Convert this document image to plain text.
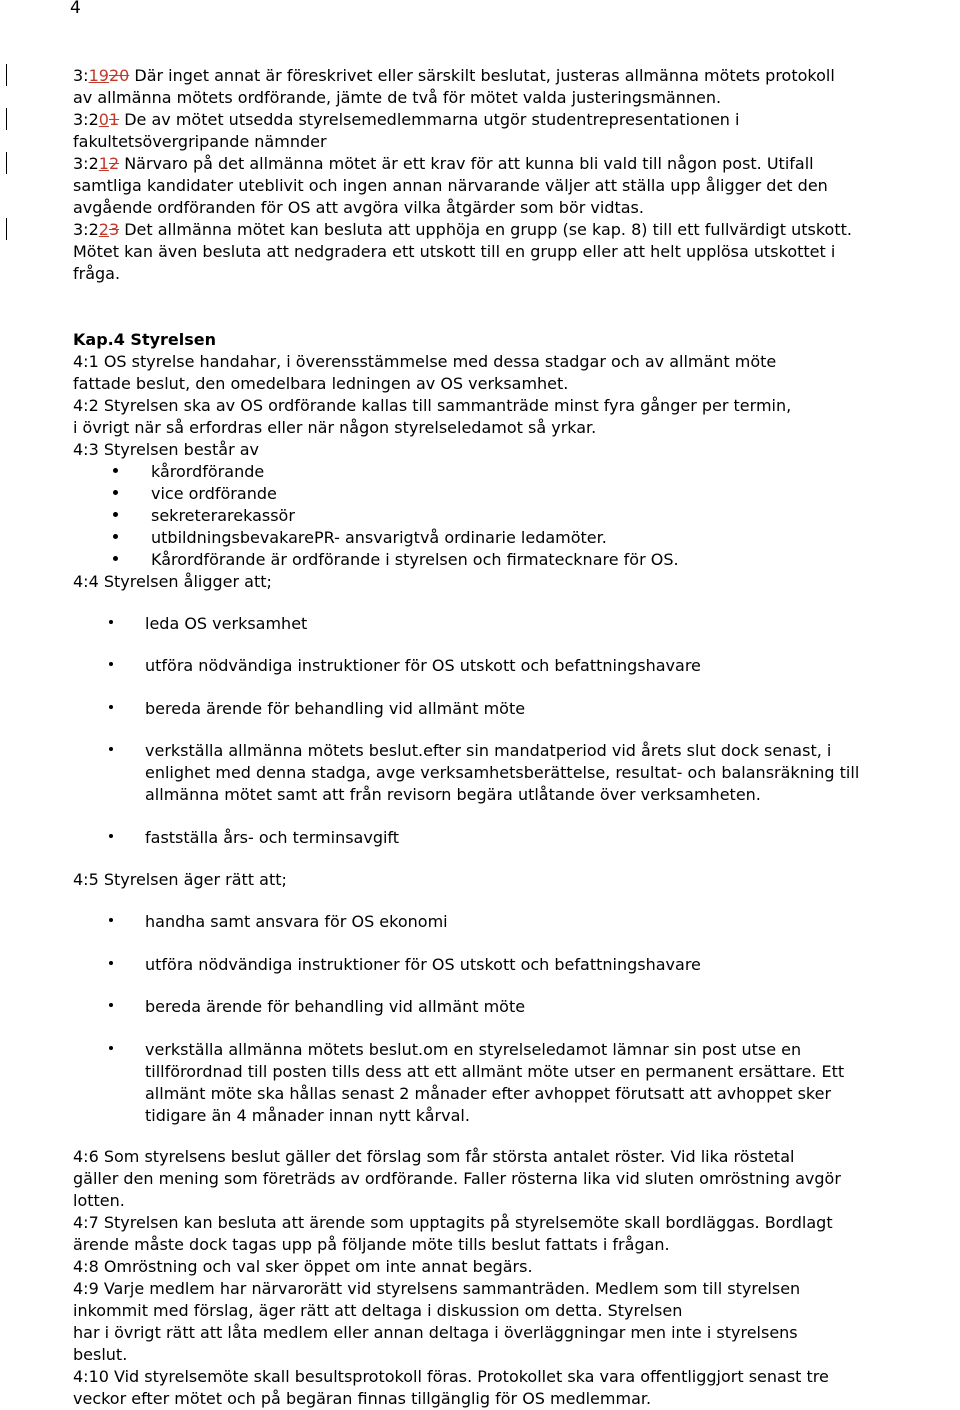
4
3:1920 Där inget annat är föreskrivet eller särskilt beslutat, justeras allmänna mötets protokoll
av allmänna mötets ordförande, jämte de två för mötet valda justeringsmännen.
3:201 De av mötet utsedda styrelsemedlemmarna utgör studentrepresentationen i
fakultetsövergripande nämnder
3:212 Närvaro på det allmänna mötet är ett krav för att kunna bli vald till någon post. Utifall
samtliga kandidater uteblivit och ingen annan närvarande väljer att ställa upp åligger det den
avgående ordföranden för OS att avgöra vilka åtgärder som bör vidtas.
3:223 Det allmänna mötet kan besluta att upphöja en grupp (se kap. 8) till ett fullvärdigt utskott.
Mötet kan även besluta att nedgradera ett utskott till en grupp eller att helt upplösa utskottet i
fråga.
Kap.4 Styrelsen
4:1 OS styrelse handahar, i överensstämmelse med dessa stadgar och av allmänt möte
fattade beslut, den omedelbara ledningen av OS verksamhet.
4:2 Styrelsen ska av OS ordförande kallas till sammanträde minst fyra gånger per termin,
i övrigt när så erfordras eller när någon styrelseledamot så yrkar.
4:3 Styrelsen består av
kårordförande
vice ordförande
sekreterarekassör
utbildningsbevakarePR- ansvarigtvå ordinarie ledamöter.
Kårordförande är ordförande i styrelsen och firmatecknare för OS.
4:4 Styrelsen åligger att;
leda OS verksamhet
utföra nödvändiga instruktioner för OS utskott och befattningshavare
bereda ärende för behandling vid allmänt möte
verkställa allmänna mötets beslut.efter sin mandatperiod vid årets slut dock senast, i
enlighet med denna stadga, avge verksamhetsberättelse, resultat- och balansräkning till
allmänna mötet samt att från revisorn begära utlåtande över verksamheten.
fastställa års- och terminsavgift
4:5 Styrelsen äger rätt att;
handha samt ansvara för OS ekonomi
utföra nödvändiga instruktioner för OS utskott och befattningshavare
bereda ärende för behandling vid allmänt möte
verkställa allmänna mötets beslut.om en styrelseledamot lämnar sin post utse en
tillförordnad till posten tills dess att ett allmänt möte utser en permanent ersättare. Ett
allmänt möte ska hållas senast 2 månader efter avhoppet förutsatt att avhoppet sker
tidigare än 4 månader innan nytt kårval.
4:6 Som styrelsens beslut gäller det förslag som får största antalet röster. Vid lika röstetal
gäller den mening som företräds av ordförande. Faller rösterna lika vid sluten omröstning avgör
lotten.
4:7 Styrelsen kan besluta att ärende som upptagits på styrelsemöte skall bordläggas. Bordlagt
ärende måste dock tagas upp på följande möte tills beslut fattats i frågan.
4:8 Omröstning och val sker öppet om inte annat begärs.
4:9 Varje medlem har närvarorätt vid styrelsens sammanträden. Medlem som till styrelsen
inkommit med förslag, äger rätt att deltaga i diskussion om detta. Styrelsen
har i övrigt rätt att låta medlem eller annan deltaga i överläggningar men inte i styrelsens
beslut.
4:10 Vid styrelsemöte skall besultsprotokoll föras. Protokollet ska vara offentliggjort senast tre
veckor efter mötet och på begäran finnas tillgänglig för OS medlemmar.
